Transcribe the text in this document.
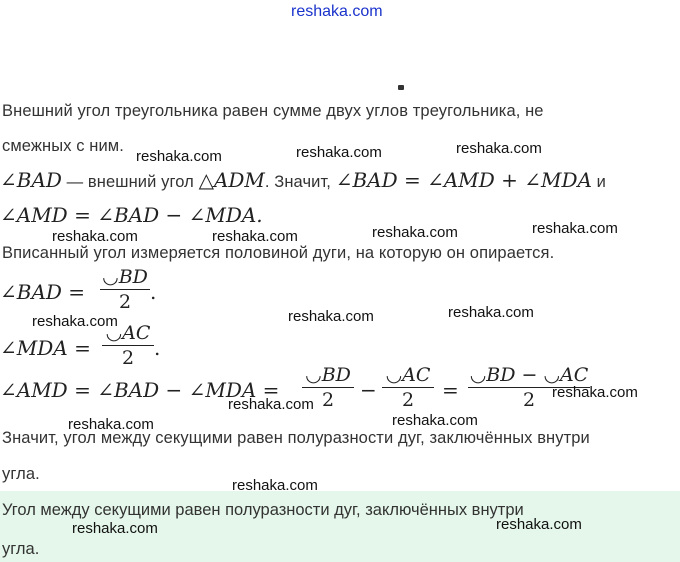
reshaka.com
Внешний угол треугольника равен сумме двух углов треугольника, не
смежных с ним.
∠BAD — внешний угол △ADM. Значит, ∠BAD = ∠AMD + ∠MDA и
∠AMD = ∠BAD − ∠MDA.
Вписанный угол измеряется половиной дуги, на которую он опирается.
∠BAD =
◡BD
2 .
∠MDA =
◡AC
2 .
∠AMD = ∠BAD − ∠MDA =
◡BD
2	−
◡AC
2	=
◡BD − ◡AC
2
Значит, угол между секущими равен полуразности дуг, заключённых внутри
угла.
Угол между секущими равен полуразности дуг, заключённых внутри
угла.
reshaka.com	reshaka.com	reshaka.com
reshaka.com	reshaka.com	reshaka.com	reshaka.com
reshaka.com	reshaka.com	reshaka.com
reshaka.com
reshaka.com
reshaka.com	reshaka.com
reshaka.com
reshaka.com	reshaka.com
